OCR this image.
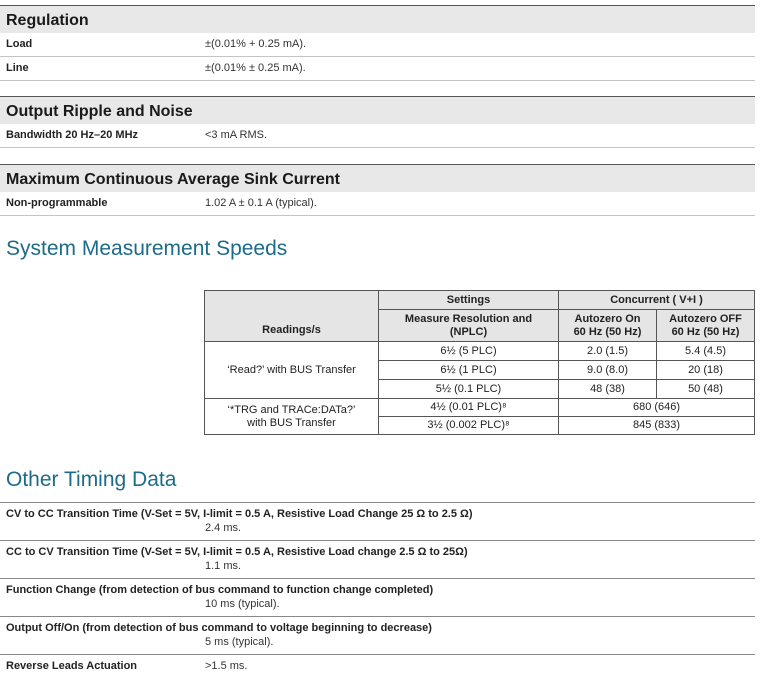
Regulation
Load	±(0.01% + 0.25 mA).
Line	±(0.01% ± 0.25 mA).
Output Ripple and Noise
Bandwidth 20 Hz–20 MHz	<3 mA RMS.
Maximum Continuous Average Sink Current
Non-programmable	1.02 A ± 0.1 A (typical).
System Measurement Speeds
Readings/s	Settings	Concurrent ( V+I )	
	Measure Resolution and (NPLC)	Autozero On 60 Hz (50 Hz)	Autozero OFF 60 Hz (50 Hz)
‘Read?’ with BUS Transfer	6½ (5 PLC)	2.0 (1.5)	5.4 (4.5)
	6½ (1 PLC)	9.0 (8.0)	20 (18)
	5½ (0.1 PLC)	48 (38)	50 (48)
‘*TRG and TRACe:DATa?’ with BUS Transfer	4½ (0.01 PLC)⁸	680 (646)	
	3½ (0.002 PLC)⁸	845 (833)	
Other Timing Data
CV to CC Transition Time (V-Set = 5V, I-limit = 0.5 A, Resistive Load Change 25 Ω to 2.5 Ω)
2.4 ms.
CC to CV Transition Time (V-Set = 5V, I-limit = 0.5 A, Resistive Load change 2.5 Ω to 25Ω)
1.1 ms.
Function Change (from detection of bus command to function change completed)
10 ms (typical).
Output Off/On (from detection of bus command to voltage beginning to decrease)
5 ms (typical).
Reverse Leads Actuation	>1.5 ms.
